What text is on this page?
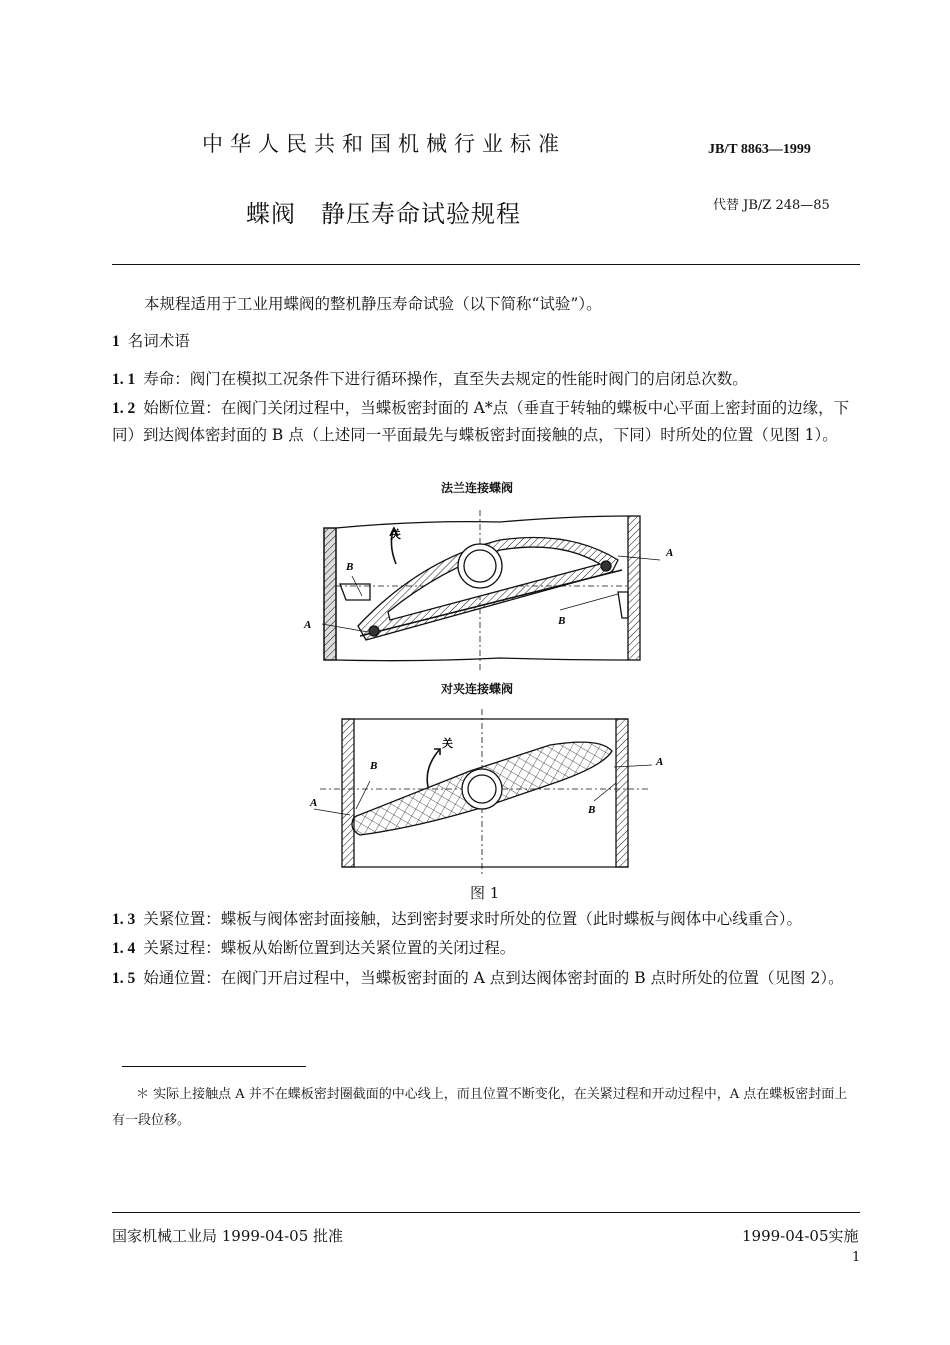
中华人民共和国机械行业标准	JB/T 8863—1999
蝶阀　静压寿命试验规程	代替 JB/Z 248—85
本规程适用于工业用蝶阀的整机静压寿命试验（以下简称“试验”）。
1 名词术语
1. 1 寿命：阀门在模拟工况条件下进行循环操作，直至失去规定的性能时阀门的启闭总次数。
1. 2 始断位置：在阀门关闭过程中，当蝶板密封面的 A*点（垂直于转轴的蝶板中心平面上密封面的边缘，下同）到达阀体密封面的 B 点（上述同一平面最先与蝶板密封面接触的点，下同）时所处的位置（见图 1）。
法兰连接蝶阀
关
B
A	B
A
对夹连接蝶阀
关
B
A
B
A
图 1
1. 3 关紧位置：蝶板与阀体密封面接触，达到密封要求时所处的位置（此时蝶板与阀体中心线重合）。
1. 4 关紧过程：蝶板从始断位置到达关紧位置的关闭过程。
1. 5 始通位置：在阀门开启过程中，当蝶板密封面的 A 点到达阀体密封面的 B 点时所处的位置（见图 2）。
＊ 实际上接触点 A 并不在蝶板密封圈截面的中心线上，而且位置不断变化，在关紧过程和开动过程中，A 点在蝶板密封面上有一段位移。
国家机械工业局 1999-04-05 批准	1999-04-05实施
1
